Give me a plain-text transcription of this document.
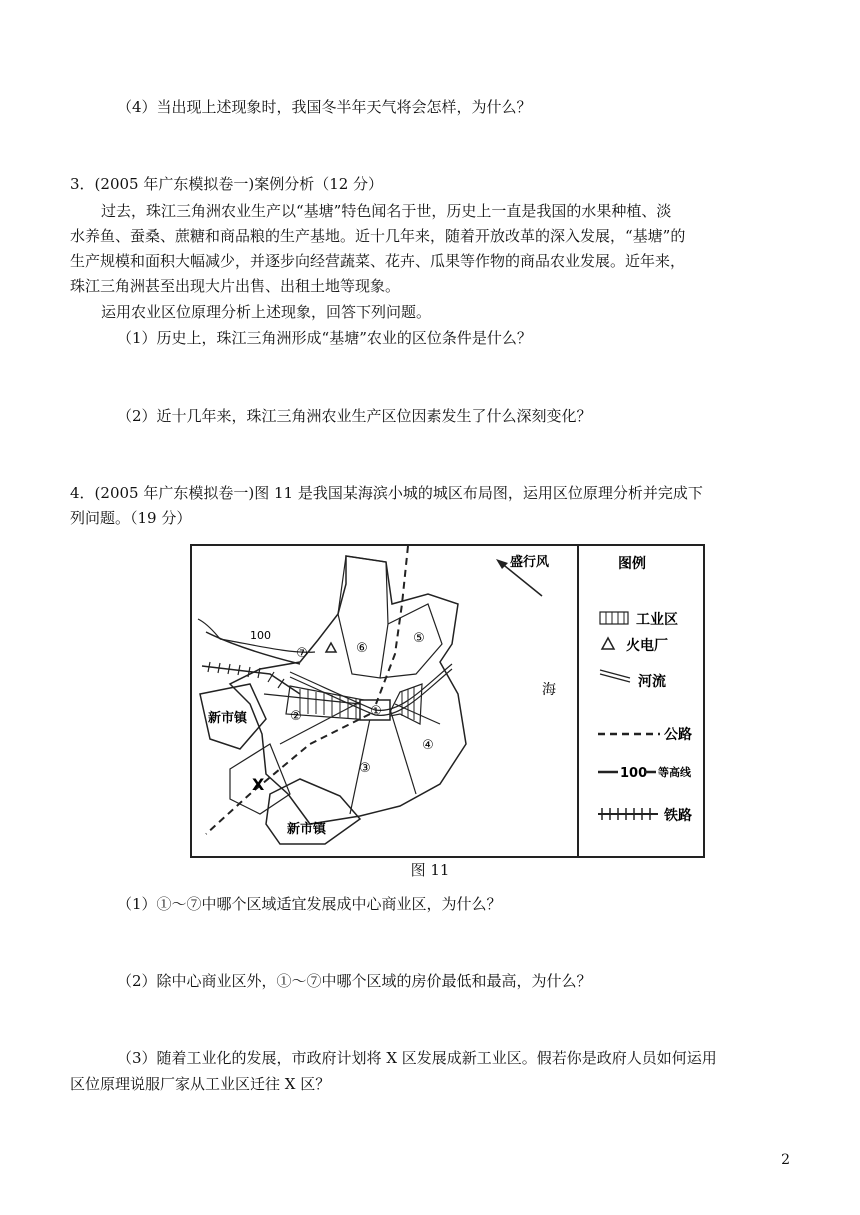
（4）当出现上述现象时，我国冬半年天气将会怎样，为什么？
3．(2005 年广东模拟卷一)案例分析（12 分）
过去，珠江三角洲农业生产以“基塘”特色闻名于世，历史上一直是我国的水果种植、淡
水养鱼、蚕桑、蔗糖和商品粮的生产基地。近十几年来，随着开放改革的深入发展，“基塘”的
生产规模和面积大幅减少，并逐步向经营蔬菜、花卉、瓜果等作物的商品农业发展。近年来，
珠江三角洲甚至出现大片出售、出租土地等现象。
运用农业区位原理分析上述现象，回答下列问题。
（1）历史上，珠江三角洲形成“基塘”农业的区位条件是什么？
（2）近十几年来，珠江三角洲农业生产区位因素发生了什么深刻变化？
4．(2005 年广东模拟卷一)图 11 是我国某海滨小城的城区布局图，运用区位原理分析并完成下
列问题。（19 分）
100
①
②
③
④
⑤
⑥
⑦
新市镇
新市镇
X
海
盛行风	图例
工业区
火电厂
河流
公路
100 等高线
铁路
图 11
（1）①～⑦中哪个区域适宜发展成中心商业区，为什么？
（2）除中心商业区外，①～⑦中哪个区域的房价最低和最高，为什么？
（3）随着工业化的发展，市政府计划将 X 区发展成新工业区。假若你是政府人员如何运用
区位原理说服厂家从工业区迁往 X 区？
2
